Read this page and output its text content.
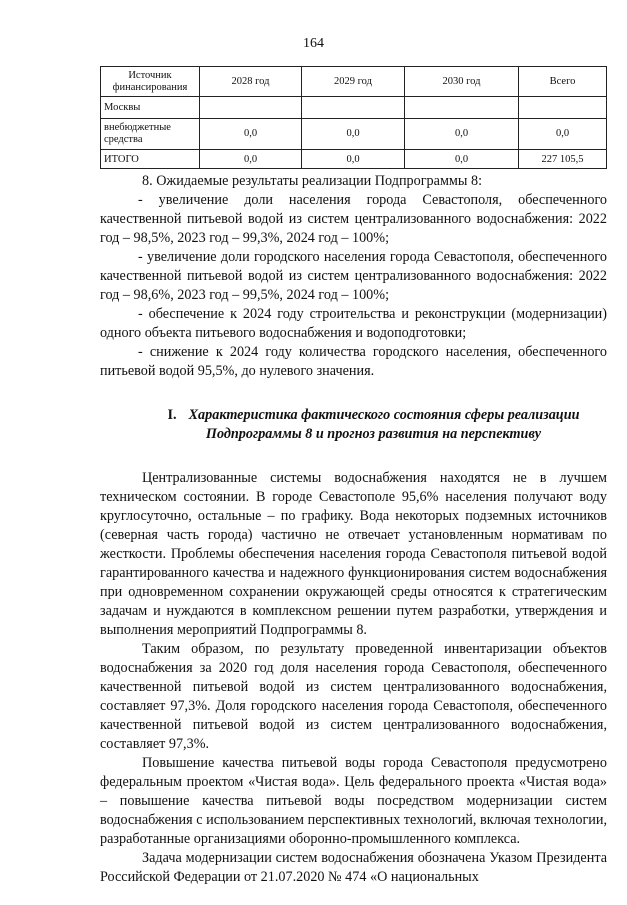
164
Источник финансирования	2028 год	2029 год	2030 год	Всего
Москвы				
внебюджетные средства	0,0	0,0	0,0	0,0
ИТОГО	0,0	0,0	0,0	227 105,5

8. Ожидаемые результаты реализации Подпрограммы 8:

- увеличение доли населения города Севастополя, обеспеченного качественной питьевой водой из систем централизованного водоснабжения: 2022 год – 98,5%, 2023 год – 99,3%, 2024 год – 100%;

- увеличение доли городского населения города Севастополя, обеспеченного качественной питьевой водой из систем централизованного водоснабжения: 2022 год – 98,6%, 2023 год – 99,5%, 2024 год – 100%;

- обеспечение к 2024 году строительства и реконструкции (модернизации) одного объекта питьевого водоснабжения и водоподготовки;

- снижение к 2024 году количества городского населения, обеспеченного питьевой водой 95,5%, до нулевого значения.

I. Характеристика фактического состояния сферы реализации Подпрограммы 8 и прогноз развития на перспективу

Централизованные системы водоснабжения находятся не в лучшем техническом состоянии. В городе Севастополе 95,6% населения получают воду круглосуточно, остальные – по графику. Вода некоторых подземных источников (северная часть города) частично не отвечает установленным нормативам по жесткости. Проблемы обеспечения населения города Севастополя питьевой водой гарантированного качества и надежного функционирования систем водоснабжения при одновременном сохранении окружающей среды относятся к стратегическим задачам и нуждаются в комплексном решении путем разработки, утверждения и выполнения мероприятий Подпрограммы 8.

Таким образом, по результату проведенной инвентаризации объектов водоснабжения за 2020 год доля населения города Севастополя, обеспеченного качественной питьевой водой из систем централизованного водоснабжения, составляет 97,3%. Доля городского населения города Севастополя, обеспеченного качественной питьевой водой из систем централизованного водоснабжения, составляет 97,3%.

Повышение качества питьевой воды города Севастополя предусмотрено федеральным проектом «Чистая вода». Цель федерального проекта «Чистая вода» – повышение качества питьевой воды посредством модернизации систем водоснабжения с использованием перспективных технологий, включая технологии, разработанные организациями оборонно-промышленного комплекса.

Задача модернизации систем водоснабжения обозначена Указом Президента Российской Федерации от 21.07.2020 № 474 «О национальных
